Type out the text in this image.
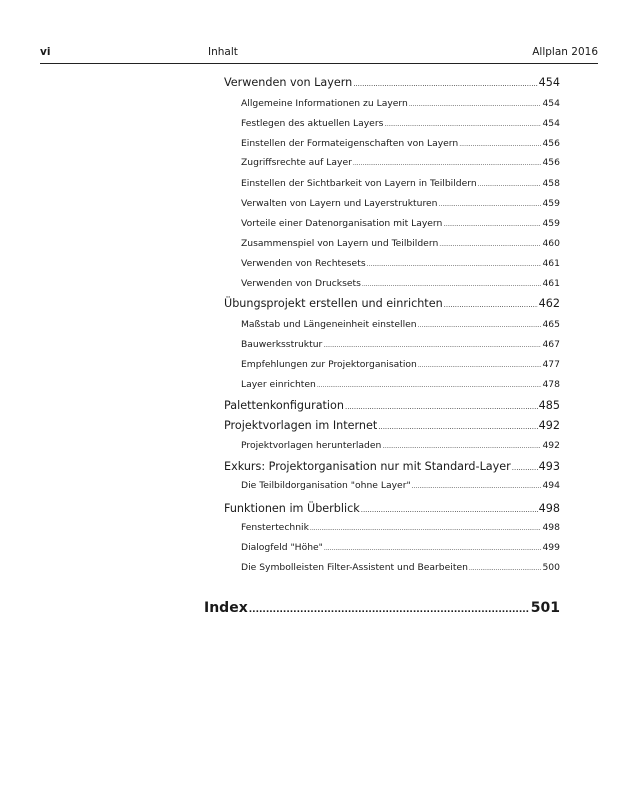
vi	Inhalt	Allplan 2016
Verwenden von Layern .....	454
Allgemeine Informationen zu Layern .....	454
Festlegen des aktuellen Layers .....	454
Einstellen der Formateigenschaften von Layern .....	456
Zugriffsrechte auf Layer .....	456
Einstellen der Sichtbarkeit von Layern in Teilbildern .....	458
Verwalten von Layern und Layerstrukturen .....	459
Vorteile einer Datenorganisation mit Layern .....	459
Zusammenspiel von Layern und Teilbildern .....	460
Verwenden von Rechtesets .....	461
Verwenden von Drucksets .....	461
Übungsprojekt erstellen und einrichten .....	462
Maßstab und Längeneinheit einstellen .....	465
Bauwerksstruktur .....	467
Empfehlungen zur Projektorganisation .....	477
Layer einrichten .....	478
Palettenkonfiguration .....	485
Projektvorlagen im Internet .....	492
Projektvorlagen herunterladen .....	492
Exkurs: Projektorganisation nur mit Standard-Layer ..... 493
Die Teilbildorganisation "ohne Layer" .....	494
Funktionen im Überblick .....	498
Fenstertechnik .....	498
Dialogfeld "Höhe" .....	499
Die Symbolleisten Filter-Assistent und Bearbeiten .....	500
Index .....	501
